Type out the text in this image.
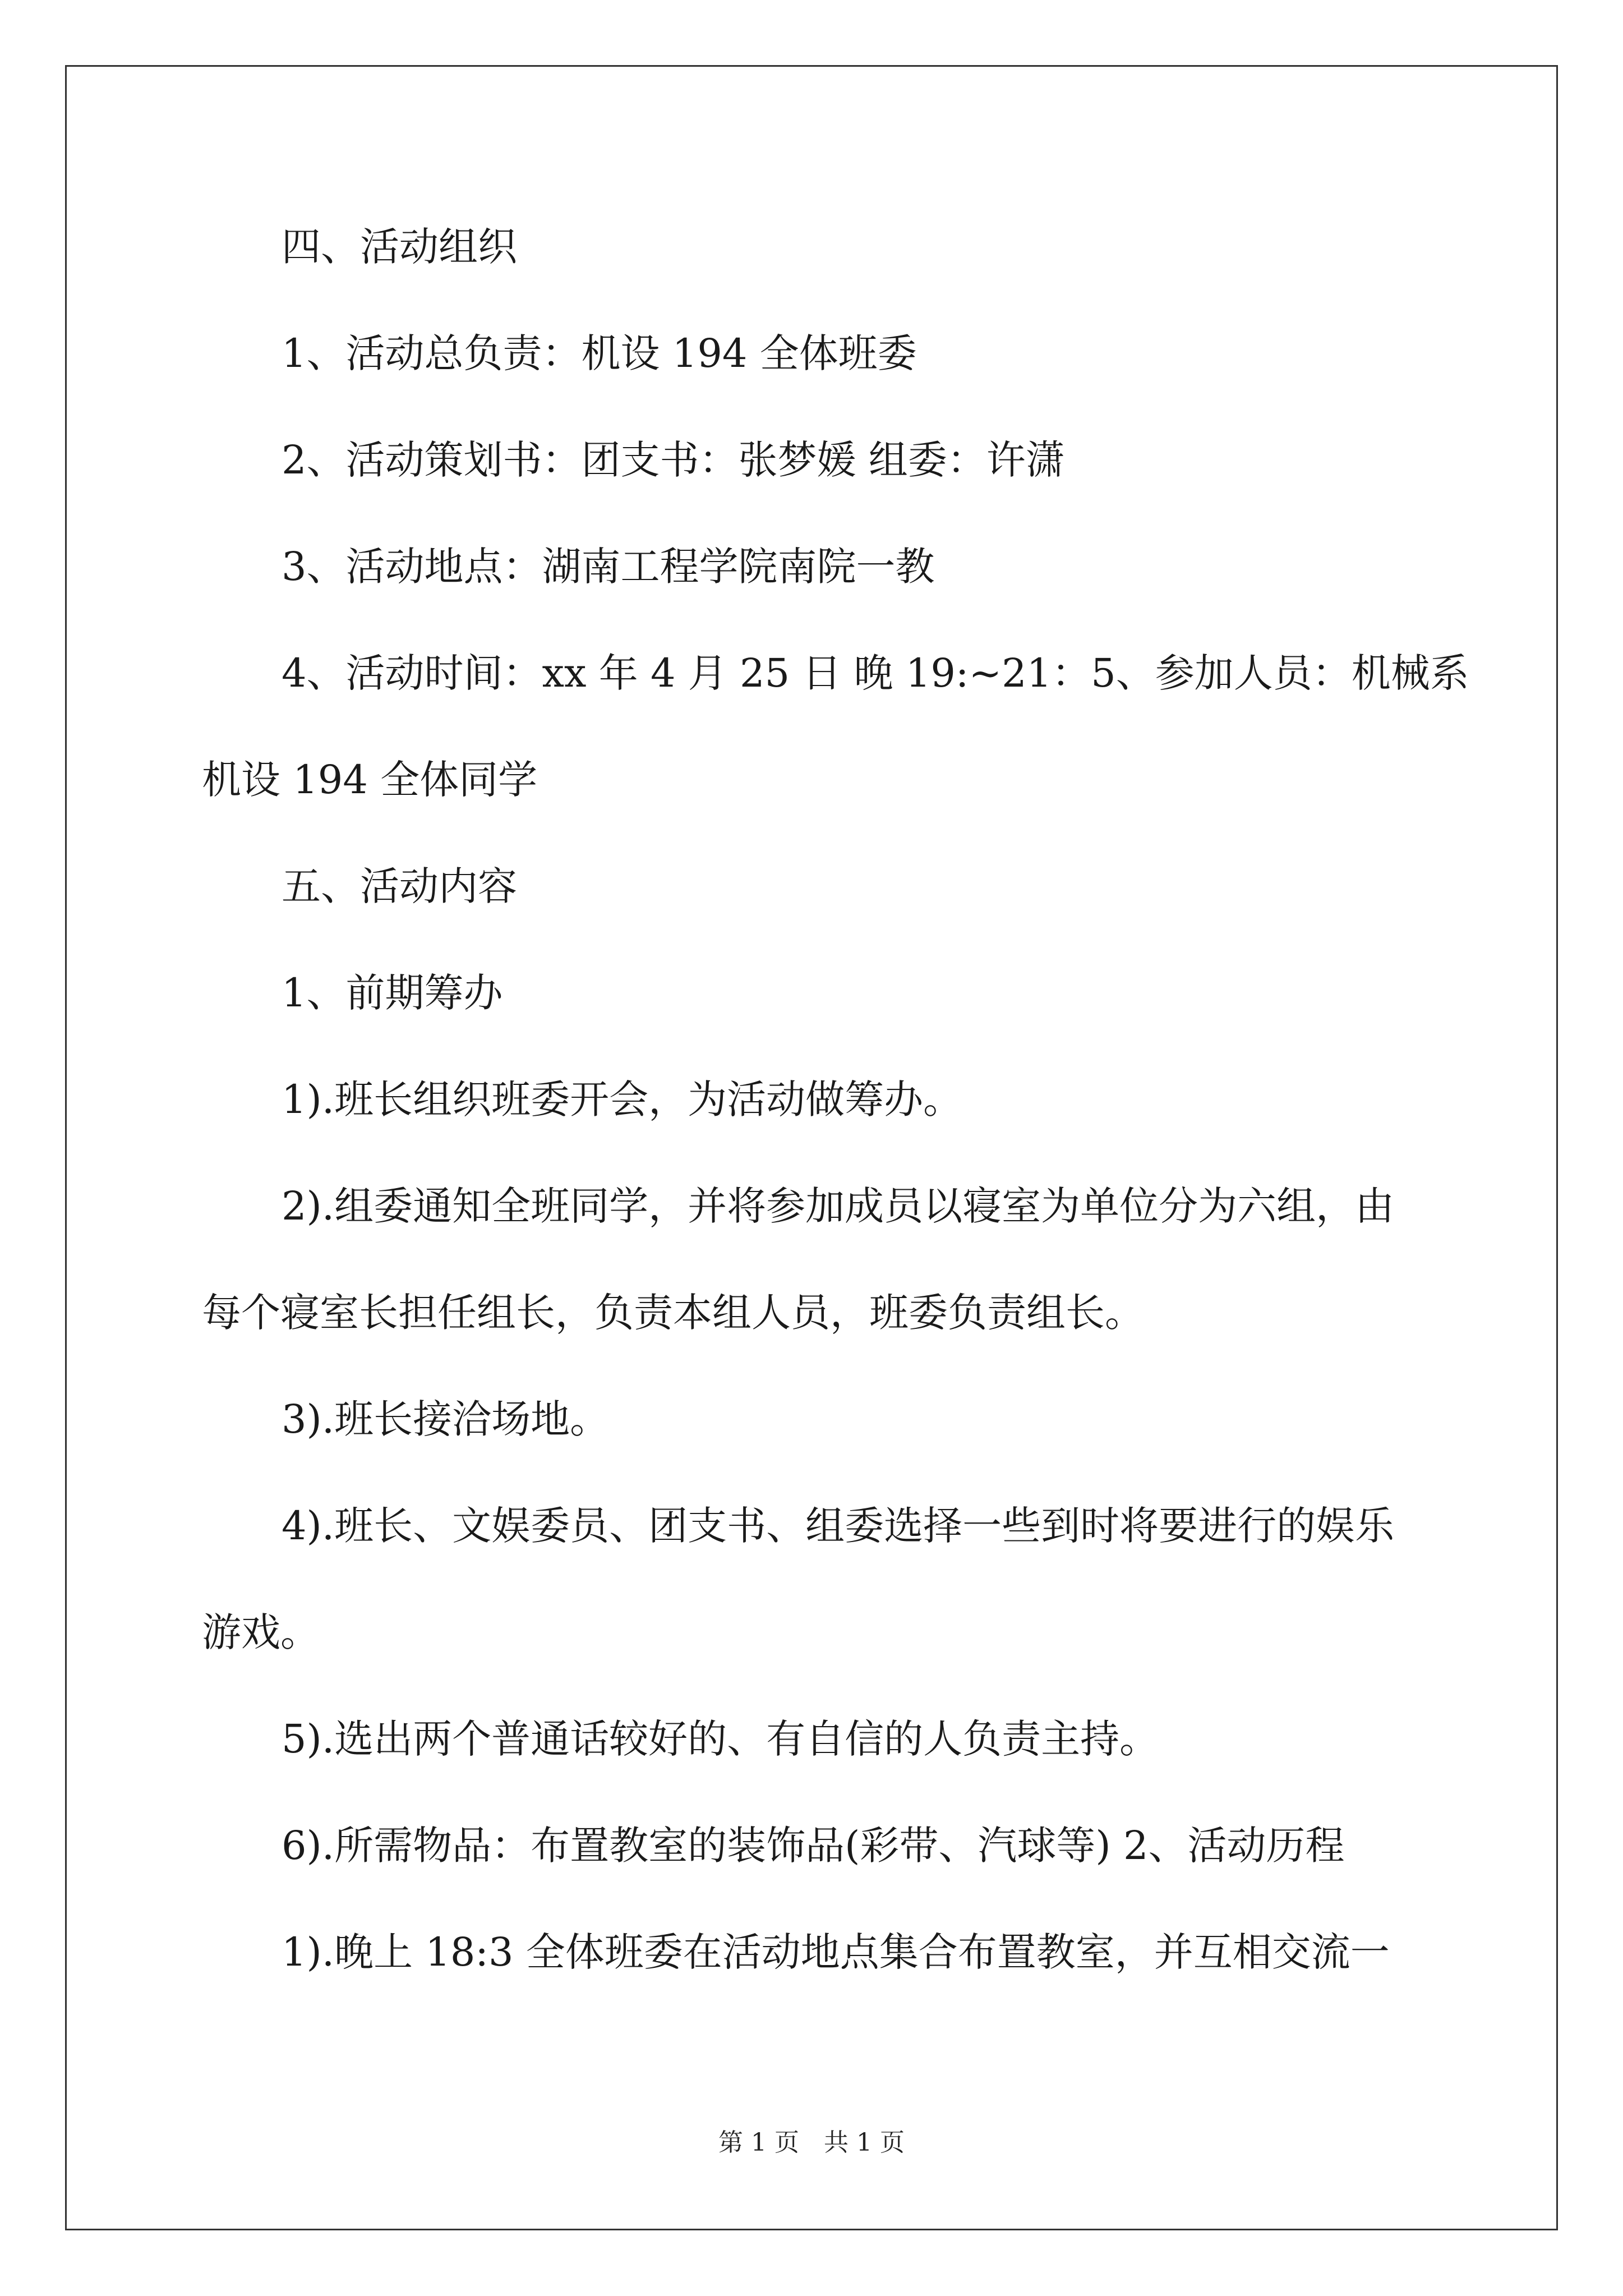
四、活动组织
1、活动总负责：机设 194 全体班委
2、活动策划书：团支书：张梦媛 组委：许潇
3、活动地点：湖南工程学院南院一教
4、活动时间：xx 年 4 月 25 日 晚 19:~21：5、参加人员：机械系
机设 194 全体同学
五、活动内容
1、前期筹办
1).班长组织班委开会，为活动做筹办。
2).组委通知全班同学，并将参加成员以寝室为单位分为六组，由
每个寝室长担任组长，负责本组人员，班委负责组长。
3).班长接洽场地。
4).班长、文娱委员、团支书、组委选择一些到时将要进行的娱乐
游戏。
5).选出两个普通话较好的、有自信的人负责主持。
6).所需物品：布置教室的装饰品(彩带、汽球等) 2、活动历程
1).晚上 18:3 全体班委在活动地点集合布置教室，并互相交流一
第 1 页　共 1 页
